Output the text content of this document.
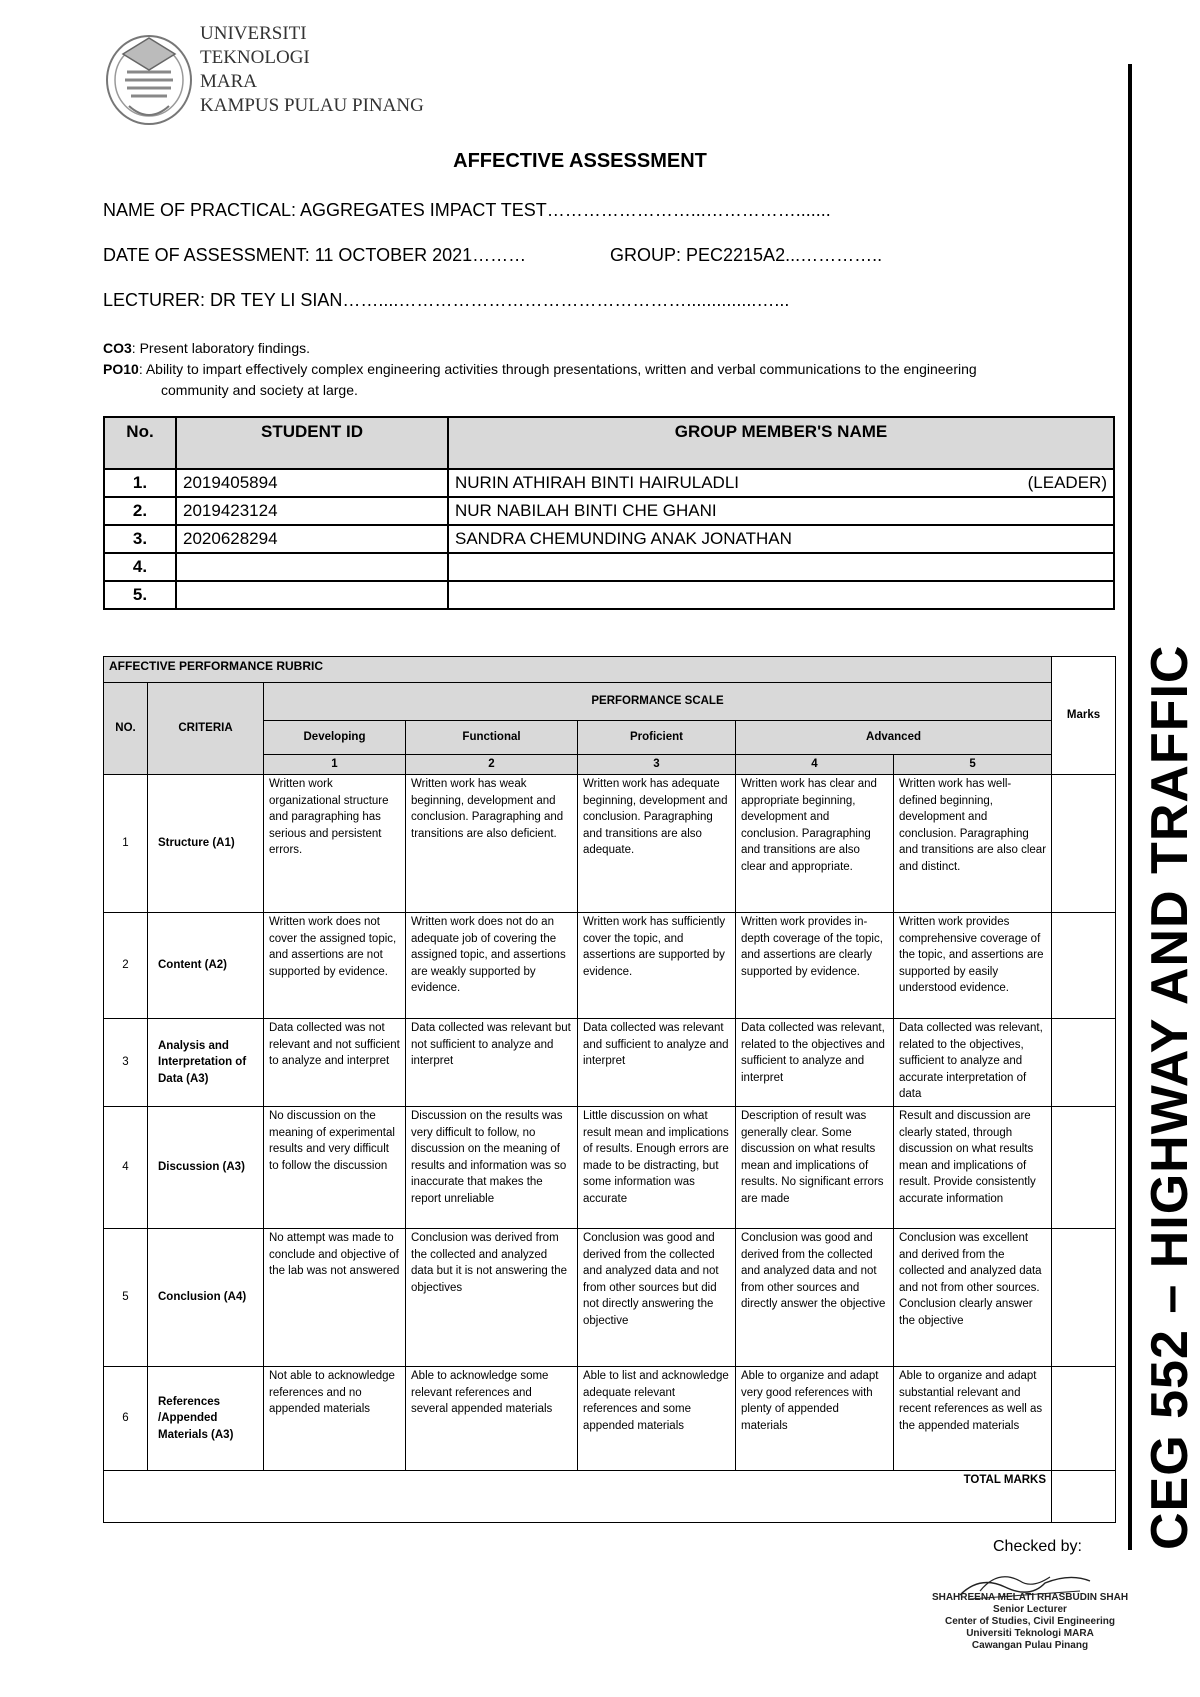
UNIVERSITI
TEKNOLOGI
MARA
KAMPUS PULAU PINANG
AFFECTIVE ASSESSMENT
NAME OF PRACTICAL: AGGREGATES IMPACT TEST……………………...…………….......
DATE OF ASSESSMENT: 11 OCTOBER 2021………	GROUP: PEC2215A2...…………..
LECTURER: DR TEY LI SIAN……....…………………………………………..............…...
CO3 : Present laboratory findings.
PO10 : Ability to impart effectively complex engineering activities through presentations, written and verbal communications to the engineering
community and society at large.
CEG 552 – HIGHWAY AND TRAFFIC
No.	STUDENT ID	GROUP MEMBER'S NAME
1.	2019405894	NURIN ATHIRAH BINTI HAIRULADLI (LEADER)

2.	2019423124	NUR NABILAH BINTI CHE GHANI
3.	2020628294	SANDRA CHEMUNDING ANAK JONATHAN
4.		
5.		
AFFECTIVE PERFORMANCE RUBRIC							Marks
NO.	CRITERIA	PERFORMANCE SCALE					
		Developing	Functional	Proficient	Advanced		
		1	2	3	4	5	
1	Structure (A1)	Written work organizational structure and paragraphing has serious and persistent errors.	Written work has weak beginning, development and conclusion. Paragraphing and transitions are also deficient.	Written work has adequate beginning, development and conclusion. Paragraphing and transitions are also adequate.	Written work has clear and appropriate beginning, development and conclusion. Paragraphing and transitions are also clear and appropriate.	Written work has well-defined beginning, development and conclusion. Paragraphing and transitions are also clear and distinct.	
2	Content (A2)	Written work does not cover the assigned topic, and assertions are not supported by evidence.	Written work does not do an adequate job of covering the assigned topic, and assertions are weakly supported by evidence.	Written work has sufficiently cover the topic, and assertions are supported by evidence.	Written work provides in-depth coverage of the topic, and assertions are clearly supported by evidence.	Written work provides comprehensive coverage of the topic, and assertions are supported by easily understood evidence.	
3	Analysis and Interpretation of Data (A3)	Data collected was not relevant and not sufficient to analyze and interpret	Data collected was relevant but not sufficient to analyze and interpret	Data collected was relevant and sufficient to analyze and interpret	Data collected was relevant, related to the objectives and sufficient to analyze and interpret	Data collected was relevant, related to the objectives, sufficient to analyze and accurate interpretation of data	
4	Discussion (A3)	No discussion on the meaning of experimental results and very difficult to follow the discussion	Discussion on the results was very difficult to follow, no discussion on the meaning of results and information was so inaccurate that makes the report unreliable	Little discussion on what result mean and implications of results. Enough errors are made to be distracting, but some information was accurate	Description of result was generally clear. Some discussion on what results mean and implications of results. No significant errors are made	Result and discussion are clearly stated, through discussion on what results mean and implications of result. Provide consistently accurate information	
5	Conclusion (A4)	No attempt was made to conclude and objective of the lab was not answered	Conclusion was derived from the collected and analyzed data but it is not answering the objectives	Conclusion was good and derived from the collected and analyzed data and not from other sources but did not directly answering the objective	Conclusion was good and derived from the collected and analyzed data and not from other sources and directly answer the objective	Conclusion was excellent and derived from the collected and analyzed data and not from other sources. Conclusion clearly answer the objective	
6	References /Appended Materials (A3)	Not able to acknowledge references and no appended materials	Able to acknowledge some relevant references and several appended materials	Able to list and acknowledge adequate relevant references and some appended materials	Able to organize and adapt very good references with plenty of appended materials	Able to organize and adapt substantial relevant and recent references as well as the appended materials	
TOTAL MARKS							
Checked by:
SHAHREENA MELATI RHASBUDIN SHAH
Senior Lecturer
Center of Studies, Civil Engineering
Universiti Teknologi MARA
Cawangan Pulau Pinang
